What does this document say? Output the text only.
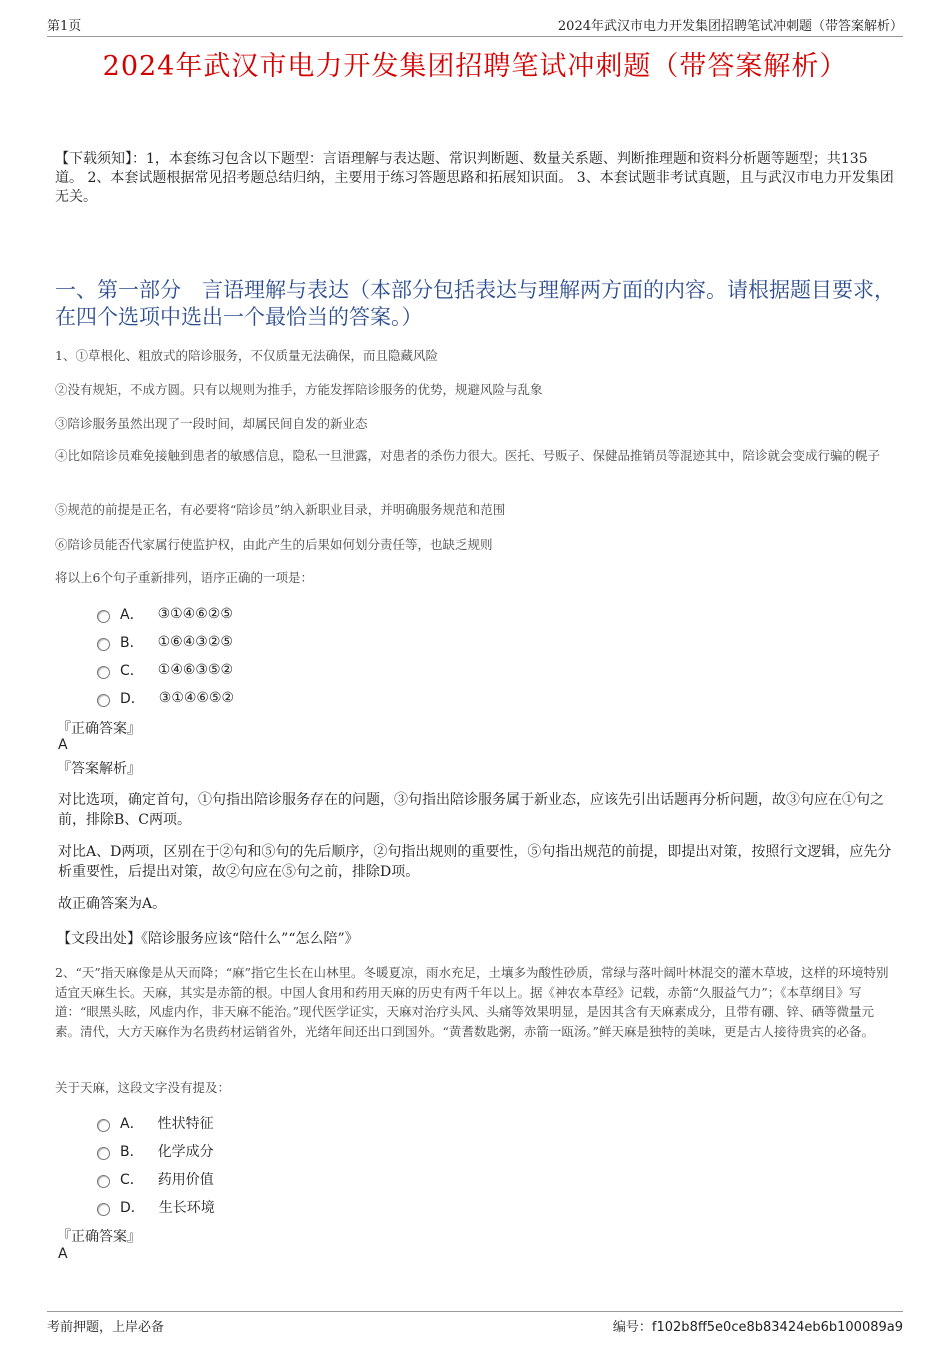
第1页	2024年武汉市电力开发集团招聘笔试冲刺题（带答案解析）
2024年武汉市电力开发集团招聘笔试冲刺题（带答案解析）
【下载须知】：1，本套练习包含以下题型：言语理解与表达题、常识判断题、数量关系题、判断推理题和资料分析题等题型；共135道。 2、本套试题根据常见招考题总结归纳，主要用于练习答题思路和拓展知识面。 3、本套试题非考试真题，且与武汉市电力开发集团无关。
一、第一部分　言语理解与表达（本部分包括表达与理解两方面的内容。请根据题目要求，在四个选项中选出一个最恰当的答案。）
1、①草根化、粗放式的陪诊服务，不仅质量无法确保，而且隐藏风险
②没有规矩，不成方圆。只有以规则为推手，方能发挥陪诊服务的优势，规避风险与乱象
③陪诊服务虽然出现了一段时间，却属民间自发的新业态
④比如陪诊员难免接触到患者的敏感信息，隐私一旦泄露，对患者的杀伤力很大。医托、号贩子、保健品推销员等混迹其中，陪诊就会变成行骗的幌子
⑤规范的前提是正名，有必要将“陪诊员”纳入新职业目录，并明确服务规范和范围
⑥陪诊员能否代家属行使监护权，由此产生的后果如何划分责任等，也缺乏规则
将以上6个句子重新排列，语序正确的一项是：
A． ③①④⑥②⑤
B． ①⑥④③②⑤
C． ①④⑥③⑤②
D． ③①④⑥⑤②
『正确答案』
A
『答案解析』
对比选项，确定首句，①句指出陪诊服务存在的问题，③句指出陪诊服务属于新业态，应该先引出话题再分析问题，故③句应在①句之前，排除B、C两项。
对比A、D两项，区别在于②句和⑤句的先后顺序，②句指出规则的重要性，⑤句指出规范的前提，即提出对策，按照行文逻辑，应先分析重要性，后提出对策，故②句应在⑤句之前，排除D项。
故正确答案为A。
【文段出处】《陪诊服务应该“陪什么”“怎么陪”》
2、“天”指天麻像是从天而降；“麻”指它生长在山林里。冬暖夏凉，雨水充足，土壤多为酸性砂质，常绿与落叶阔叶林混交的灌木草坡，这样的环境特别适宜天麻生长。天麻，其实是赤箭的根。中国人食用和药用天麻的历史有两千年以上。据《神农本草经》记载，赤箭“久服益气力”；《本草纲目》写道：“眼黑头眩，风虚内作，非天麻不能治。”现代医学证实，天麻对治疗头风、头痛等效果明显，是因其含有天麻素成分，且带有硼、锌、硒等微量元素。清代，大方天麻作为名贵药材运销省外，光绪年间还出口到国外。“黄耆数匙粥，赤箭一瓯汤。”鲜天麻是独特的美味，更是古人接待贵宾的必备。
关于天麻，这段文字没有提及：
A． 性状特征
B． 化学成分
C． 药用价值
D． 生长环境
『正确答案』
A
考前押题，上岸必备	编号：f102b8ff5e0ce8b83424eb6b100089a9
